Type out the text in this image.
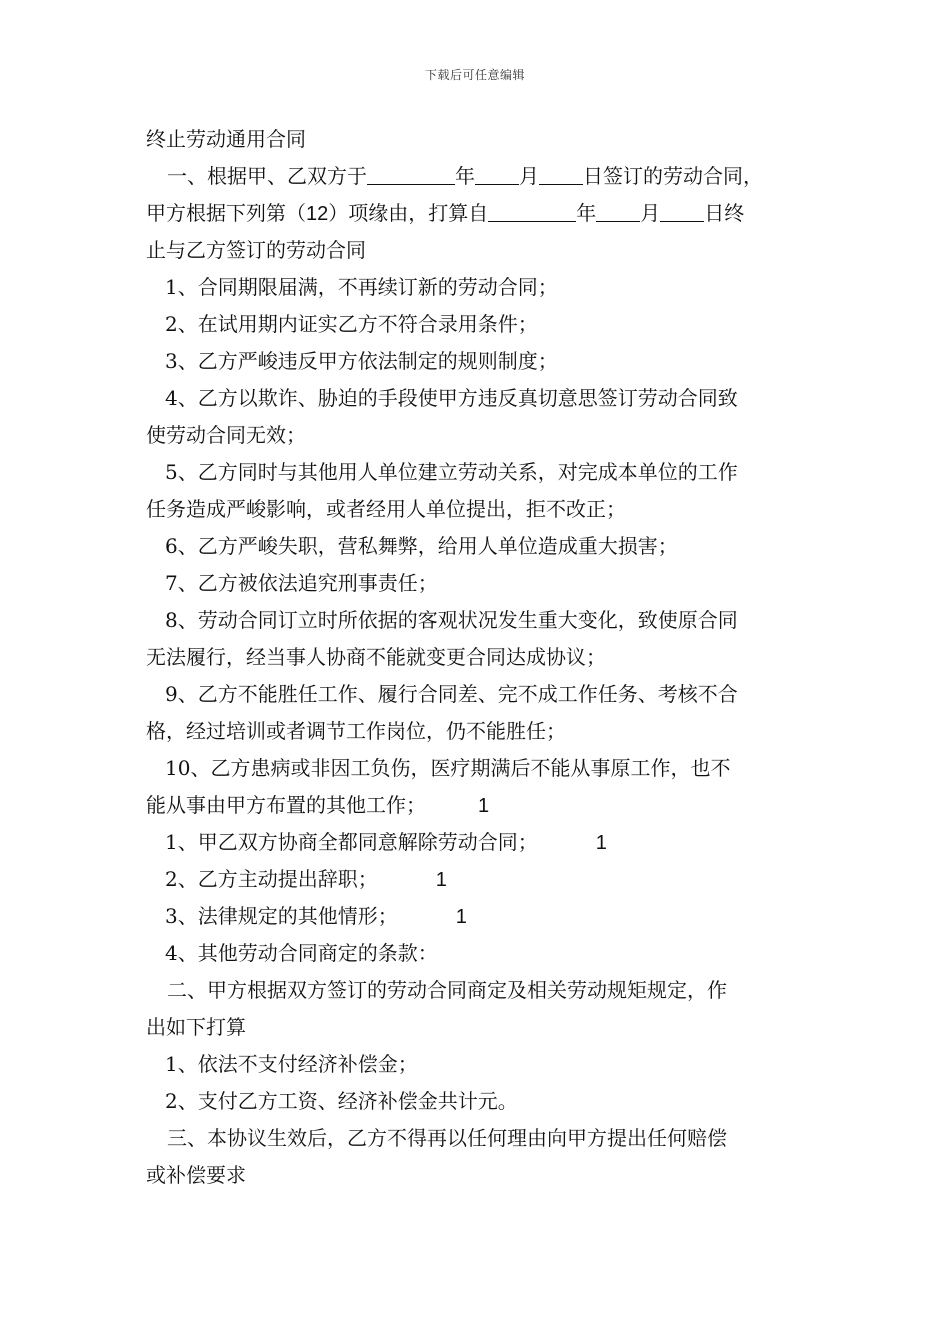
下载后可任意编辑
终止劳动通用合同
一、根据甲、乙双方于	年 月 日签订的劳动合同，
甲方根据下列第（12）项缘由，打算自	年 月 日终
止与乙方签订的劳动合同
1、合同期限届满，不再续订新的劳动合同；
2、在试用期内证实乙方不符合录用条件；
3、乙方严峻违反甲方依法制定的规则制度；
4、乙方以欺诈、胁迫的手段使甲方违反真切意思签订劳动合同致
使劳动合同无效；
5、乙方同时与其他用人单位建立劳动关系，对完成本单位的工作
任务造成严峻影响，或者经用人单位提出，拒不改正；
6、乙方严峻失职，营私舞弊，给用人单位造成重大损害；
7、乙方被依法追究刑事责任；
8、劳动合同订立时所依据的客观状况发生重大变化，致使原合同
无法履行，经当事人协商不能就变更合同达成协议；
9、乙方不能胜任工作、履行合同差、完不成工作任务、考核不合
格，经过培训或者调节工作岗位，仍不能胜任；
10、乙方患病或非因工负伤，医疗期满后不能从事原工作，也不
能从事由甲方布置的其他工作；	1
1、甲乙双方协商全都同意解除劳动合同；	1
2、乙方主动提出辞职；	1
3、法律规定的其他情形；	1
4、其他劳动合同商定的条款：
二、甲方根据双方签订的劳动合同商定及相关劳动规矩规定，作
出如下打算
1、依法不支付经济补偿金；
2、支付乙方工资、经济补偿金共计元。
三、本协议生效后，乙方不得再以任何理由向甲方提出任何赔偿
或补偿要求
